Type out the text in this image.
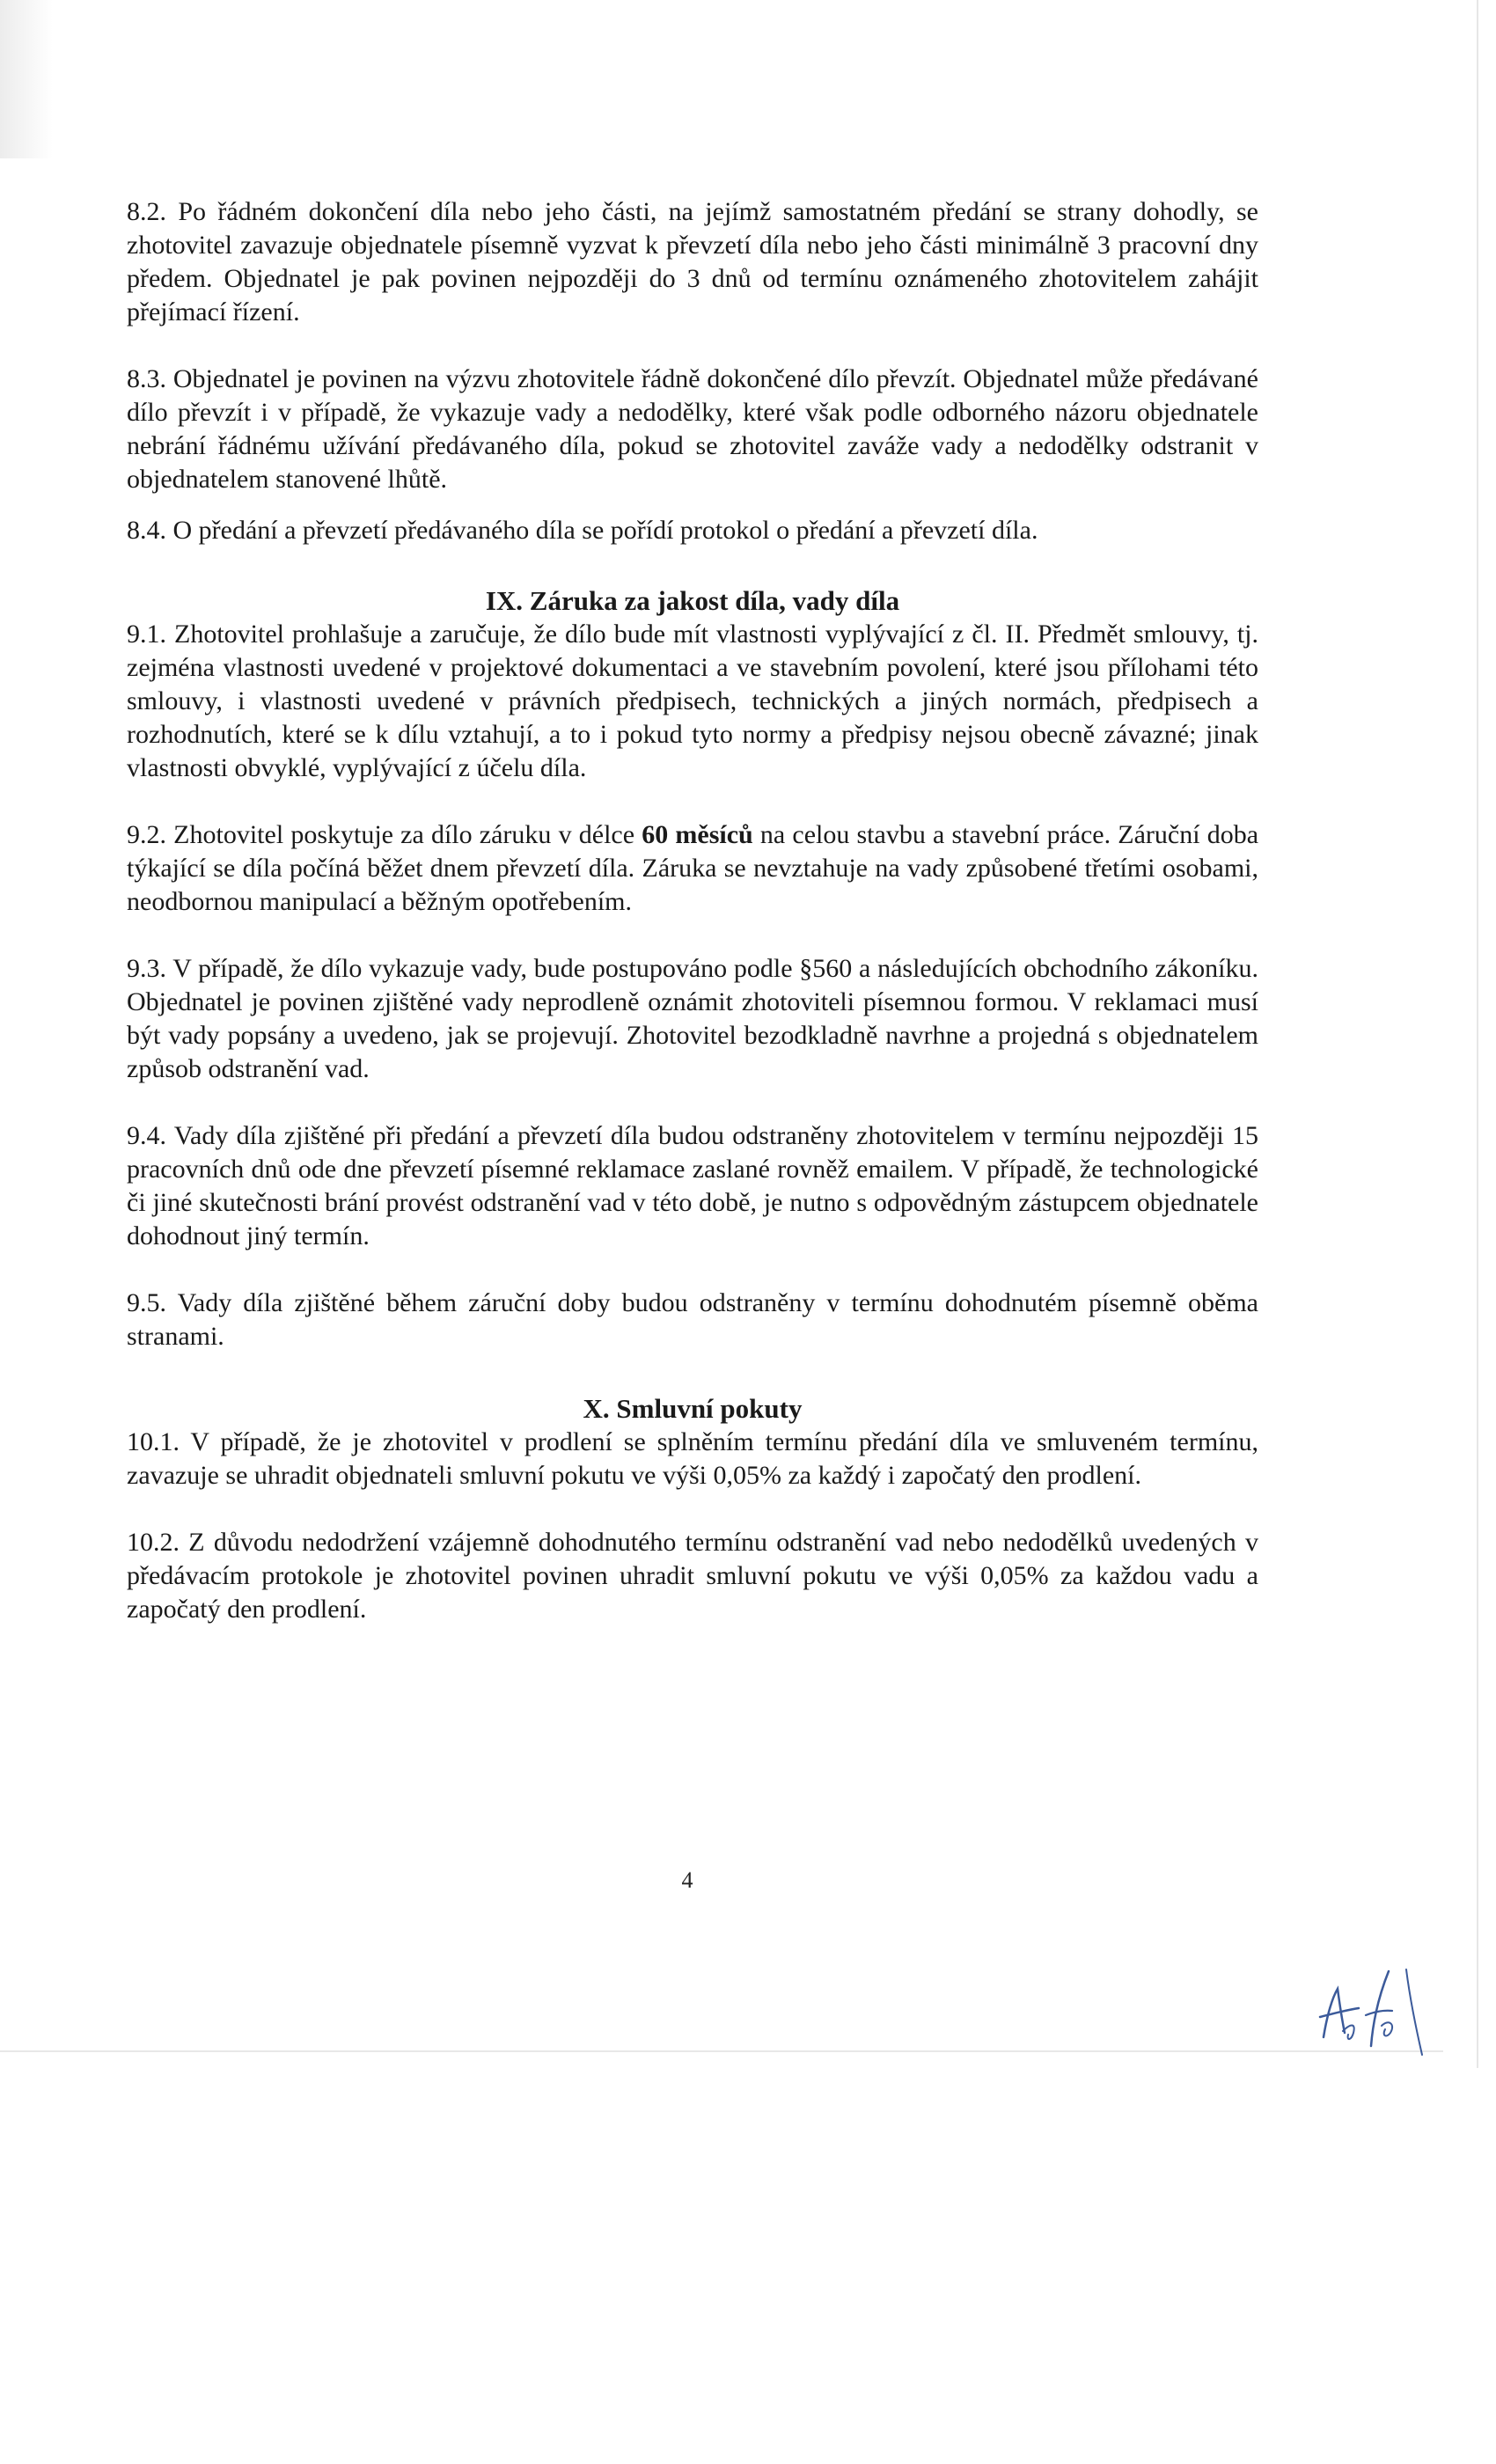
8.2. Po řádném dokončení díla nebo jeho části, na jejímž samostatném předání se strany dohodly, se zhotovitel zavazuje objednatele písemně vyzvat k převzetí díla nebo jeho části minimálně 3 pracovní dny předem. Objednatel je pak povinen nejpozději do 3 dnů od termínu oznámeného zhotovitelem zahájit přejímací řízení.

8.3. Objednatel je povinen na výzvu zhotovitele řádně dokončené dílo převzít. Objednatel může předávané dílo převzít i v případě, že vykazuje vady a nedodělky, které však podle odborného názoru objednatele nebrání řádnému užívání předávaného díla, pokud se zhotovitel zaváže vady a nedodělky odstranit v objednatelem stanovené lhůtě.

8.4. O předání a převzetí předávaného díla se pořídí protokol o předání a převzetí díla.

IX. Záruka za jakost díla, vady díla

9.1. Zhotovitel prohlašuje a zaručuje, že dílo bude mít vlastnosti vyplývající z čl. II. Předmět smlouvy, tj. zejména vlastnosti uvedené v projektové dokumentaci a ve stavebním povolení, které jsou přílohami této smlouvy, i vlastnosti uvedené v právních předpisech, technických a jiných normách, předpisech a rozhodnutích, které se k dílu vztahují, a to i pokud tyto normy a předpisy nejsou obecně závazné; jinak vlastnosti obvyklé, vyplývající z účelu díla.

9.2. Zhotovitel poskytuje za dílo záruku v délce 60 měsíců na celou stavbu a stavební práce. Záruční doba týkající se díla počíná běžet dnem převzetí díla. Záruka se nevztahuje na vady způsobené třetími osobami, neodbornou manipulací a běžným opotřebením.

9.3. V případě, že dílo vykazuje vady, bude postupováno podle §560 a následujících obchodního zákoníku. Objednatel je povinen zjištěné vady neprodleně oznámit zhotoviteli písemnou formou. V reklamaci musí být vady popsány a uvedeno, jak se projevují. Zhotovitel bezodkladně navrhne a projedná s objednatelem způsob odstranění vad.

9.4. Vady díla zjištěné při předání a převzetí díla budou odstraněny zhotovitelem v termínu nejpozději 15 pracovních dnů ode dne převzetí písemné reklamace zaslané rovněž emailem. V případě, že technologické či jiné skutečnosti brání provést odstranění vad v této době, je nutno s odpovědným zástupcem objednatele dohodnout jiný termín.

9.5. Vady díla zjištěné během záruční doby budou odstraněny v termínu dohodnutém písemně oběma stranami.

X. Smluvní pokuty

10.1. V případě, že je zhotovitel v prodlení se splněním termínu předání díla ve smluveném termínu, zavazuje se uhradit objednateli smluvní pokutu ve výši 0,05% za každý i započatý den prodlení.

10.2. Z důvodu nedodržení vzájemně dohodnutého termínu odstranění vad nebo nedodělků uvedených v předávacím protokole je zhotovitel povinen uhradit smluvní pokutu ve výši 0,05% za každou vadu a započatý den prodlení.

4
